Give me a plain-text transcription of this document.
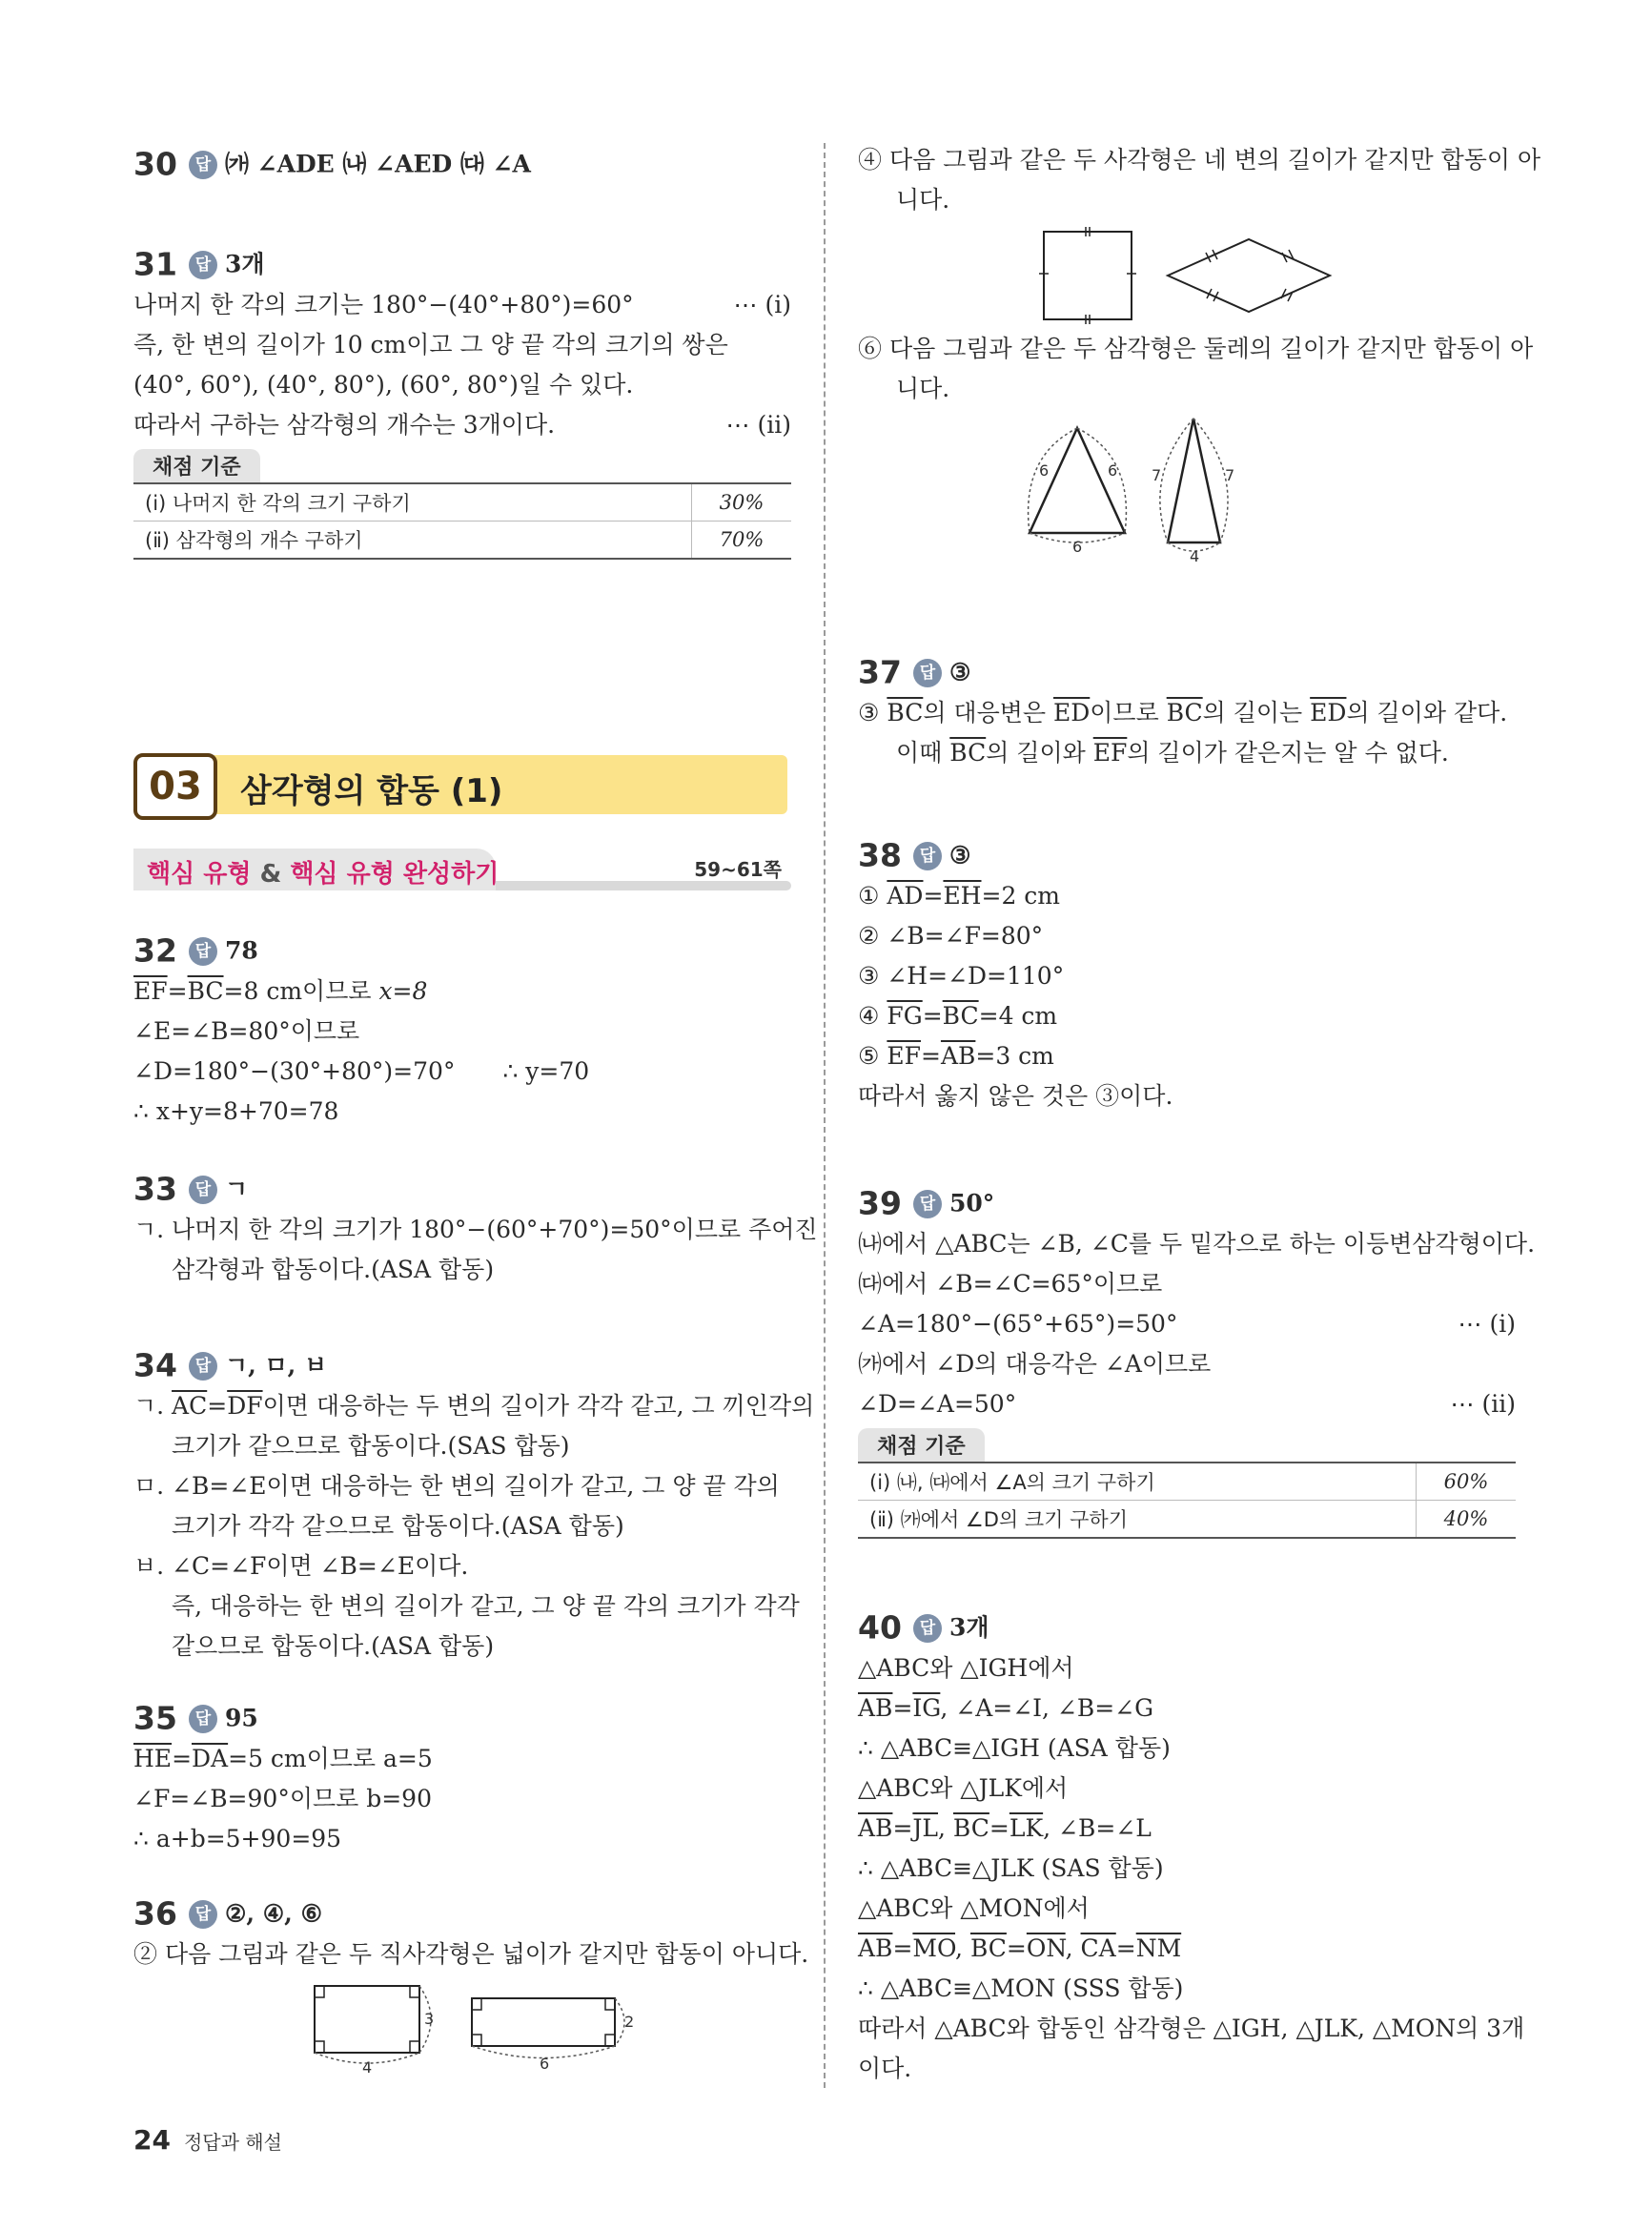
30 답 ㈎ ∠ADE ㈏ ∠AED ㈐ ∠A
31 답 3개
나머지 한 각의 크기는 180°−(40°+80°)=60°	⋯ (ⅰ)
즉, 한 변의 길이가 10 cm이고 그 양 끝 각의 크기의 쌍은
(40°, 60°), (40°, 80°), (60°, 80°)일 수 있다.
따라서 구하는 삼각형의 개수는 3개이다.	⋯ (ⅱ)
채점 기준
(ⅰ) 나머지 한 각의 크기 구하기	30%
(ⅱ) 삼각형의 개수 구하기	70%
03	삼각형의 합동 (1)
핵심 유형 & 핵심 유형 완성하기	59~61쪽
32 답 78
$\overline{EF}=\overline{BC}=8$ cm이므로 x=8
∠E=∠B=80°이므로
∠D=180°−(30°+80°)=70° ∴ y=70
∴ x+y=8+70=78
33 답 ㄱ
ㄱ. 나머지 한 각의 크기가 180°−(60°+70°)=50°이므로 주어진
삼각형과 합동이다.(ASA 합동)
34 답 ㄱ, ㅁ, ㅂ
ㄱ. $\overline{AC}=\overline{DF}$이면 대응하는 두 변의 길이가 각각 같고, 그 끼인각의
크기가 같으므로 합동이다.(SAS 합동)
ㅁ. ∠B=∠E이면 대응하는 한 변의 길이가 같고, 그 양 끝 각의
크기가 각각 같으므로 합동이다.(ASA 합동)
ㅂ. ∠C=∠F이면 ∠B=∠E이다.
즉, 대응하는 한 변의 길이가 같고, 그 양 끝 각의 크기가 각각
같으므로 합동이다.(ASA 합동)
35 답 95
$\overline{HE}=\overline{DA}=5$ cm이므로 a=5
∠F=∠B=90°이므로 b=90
∴ a+b=5+90=95
36 답 ②, ④, ⑥
② 다음 그림과 같은 두 직사각형은 넓이가 같지만 합동이 아니다.
3
4
2
6
④ 다음 그림과 같은 두 사각형은 네 변의 길이가 같지만 합동이 아
니다.
⑥ 다음 그림과 같은 두 삼각형은 둘레의 길이가 같지만 합동이 아
니다.
6	6
6
7	7
4
37 답 ③
③ $\overline{BC}$의 대응변은 $\overline{ED}$이므로 $\overline{BC}$의 길이는 $\overline{ED}$의 길이와 같다.
이때 $\overline{BC}$의 길이와 $\overline{EF}$의 길이가 같은지는 알 수 없다.
38 답 ③
① $\overline{AD}=\overline{EH}=2$ cm
② ∠B=∠F=80°
③ ∠H=∠D=110°
④ $\overline{FG}=\overline{BC}=4$ cm
⑤ $\overline{EF}=\overline{AB}=3$ cm
따라서 옳지 않은 것은 ③이다.
39 답 50°
㈏에서 △ABC는 ∠B, ∠C를 두 밑각으로 하는 이등변삼각형이다.
㈐에서 ∠B=∠C=65°이므로
∠A=180°−(65°+65°)=50°	⋯ (ⅰ)
㈎에서 ∠D의 대응각은 ∠A이므로
∠D=∠A=50°	⋯ (ⅱ)
채점 기준
(ⅰ) ㈏, ㈐에서 ∠A의 크기 구하기	60%
(ⅱ) ㈎에서 ∠D의 크기 구하기	40%
40 답 3개
△ABC와 △IGH에서
$\overline{AB}=\overline{IG}$, ∠A=∠I, ∠B=∠G
∴ △ABC≡△IGH (ASA 합동)
△ABC와 △JLK에서
$\overline{AB}=\overline{JL}$, $\overline{BC}=\overline{LK}$, ∠B=∠L
∴ △ABC≡△JLK (SAS 합동)
△ABC와 △MON에서
$\overline{AB}=\overline{MO}$, $\overline{BC}=\overline{ON}$, $\overline{CA}=\overline{NM}$
∴ △ABC≡△MON (SSS 합동)
따라서 △ABC와 합동인 삼각형은 △IGH, △JLK, △MON의 3개
이다.
24 정답과 해설
